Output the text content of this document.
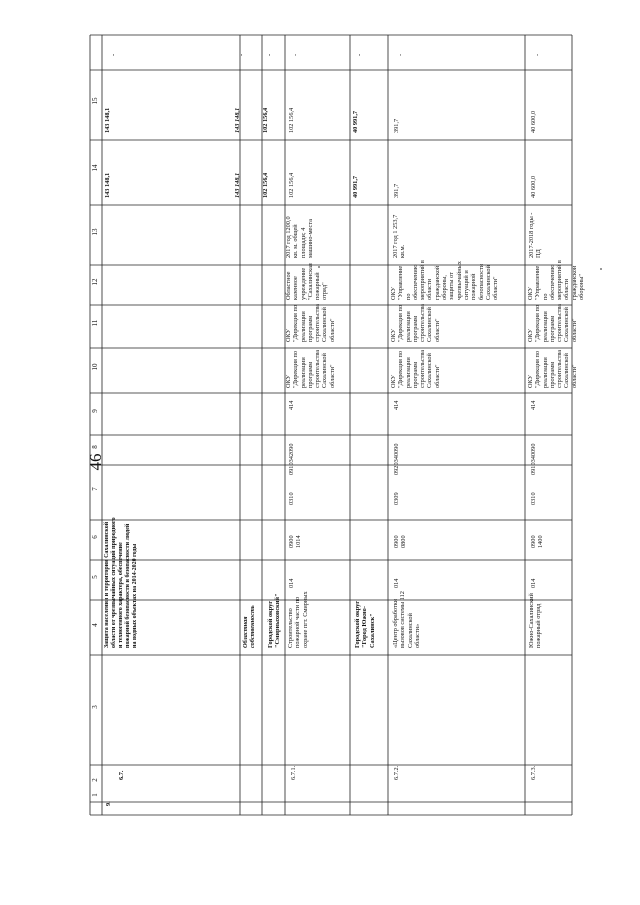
46
9.
6.7.
Защита населения и территории Сахалинской области от чрезвычайных ситуаций природного и техногенного характера, обеспечение пожарной безопасности и безопасности людей на водных объектах на 2014-2020 годы
143 148,1
143 148,1
-
Областная собственность
143 148,1
143 148,1
-
Городской округ "Смирныховский"
102 156,4
102 156,4
-
6.7.1.
Строительство пожарной части по охране пгт. Смирных
014
0900 1014
0310
0910342090
414
ОКУ "Дирекция по реализации программ строительства Сахалинской области"
ОКУ "Дирекция по реализации программ строительства Сахалинской области"
Областное казенное учреждение "Сахалинская пожарный отряд"
2017 год 1200,0 кв. м. общей площади; 4 машино-места
102 156,4
102 156,4
-
Городской округ "Город Южно-Сахалинск"
40 991,7
40 991,7
-
6.7.2.
«Центр обработки вызовов системы 112 Сахалинской области»
014
0900 0800
0309
0920340090
414
ОКУ "Дирекция по реализации программ строительства Сахалинской области"
ОКУ "Дирекция по реализации программ строительства Сахалинской области"
ОКУ "Управление по обеспечению мероприятий в области гражданской обороны, защиты от чрезвычайных ситуаций и пожарной безопасности Сахалинской области"
2017 год 1 253,7 кв.м.
391,7
391,7
-
6.7.3.
Южно-Сахалинский пожарный отряд
014
0900 1400
0310
0910340090
414
ОКУ "Дирекция по реализации программ строительства Сахалинской области"
ОКУ "Дирекция по реализации программ строительства Сахалинской области"
ОКУ "Управление по обеспечению мероприятий в области гражданской обороны"
2017-2018 годы - ПД
40 600,0
40 600,0
-
1
2
3
4
5
6
7
8
9
10
11
12
13
14
15
